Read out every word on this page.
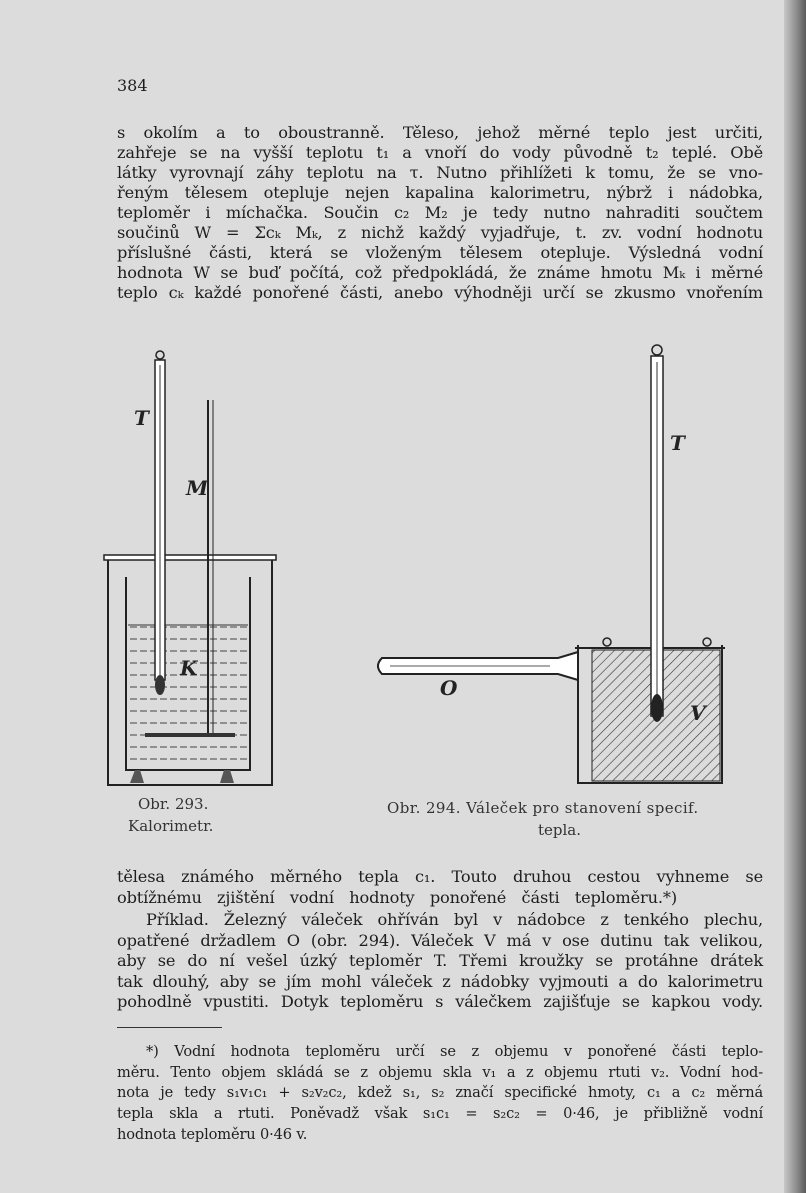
384
s okolím a to oboustranně. Těleso, jehož měrné teplo jest určiti,
zahřeje se na vyšší teplotu t₁ a vnoří do vody původně t₂ teplé. Obě
látky vyrovnají záhy teplotu na τ. Nutno přihlížeti k tomu, že se vno-
řeným tělesem otepluje nejen kapalina kalorimetru, nýbrž i nádobka,
teploměr i míchačka. Součin c₂ M₂ je tedy nutno nahraditi součtem
součinů W = Σcₖ Mₖ, z nichž každý vyjadřuje, t. zv. vodní hodnotu
příslušné části, která se vloženým tělesem otepluje. Výsledná vodní
hodnota W se buď počítá, což předpokládá, že známe hmotu Mₖ i měrné
teplo cₖ každé ponořené části, anebo výhodněji určí se zkusmo vnořením
T
M
K
T
O
V
Obr. 293.
Kalorimetr.
Obr. 294. Váleček pro stanovení specif.
tepla.
tělesa známého měrného tepla c₁. Touto druhou cestou vyhneme se
obtížnému zjištění vodní hodnoty ponořené části teploměru.*)
Příklad. Železný váleček ohříván byl v nádobce z tenkého plechu,
opatřené držadlem O (obr. 294). Váleček V má v ose dutinu tak velikou,
aby se do ní vešel úzký teploměr T. Třemi kroužky se protáhne drátek
tak dlouhý, aby se jím mohl váleček z nádobky vyjmouti a do kalorimetru
pohodlně vpustiti. Dotyk teploměru s válečkem zajišťuje se kapkou vody.
*) Vodní hodnota teploměru určí se z objemu v ponořené části teplo-
měru. Tento objem skládá se z objemu skla v₁ a z objemu rtuti v₂. Vodní hod-
nota je tedy s₁v₁c₁ + s₂v₂c₂, kdež s₁, s₂ značí specifické hmoty, c₁ a c₂ měrná
tepla skla a rtuti. Poněvadž však s₁c₁ = s₂c₂ = 0·46, je přibližně vodní
hodnota teploměru 0·46 v.
